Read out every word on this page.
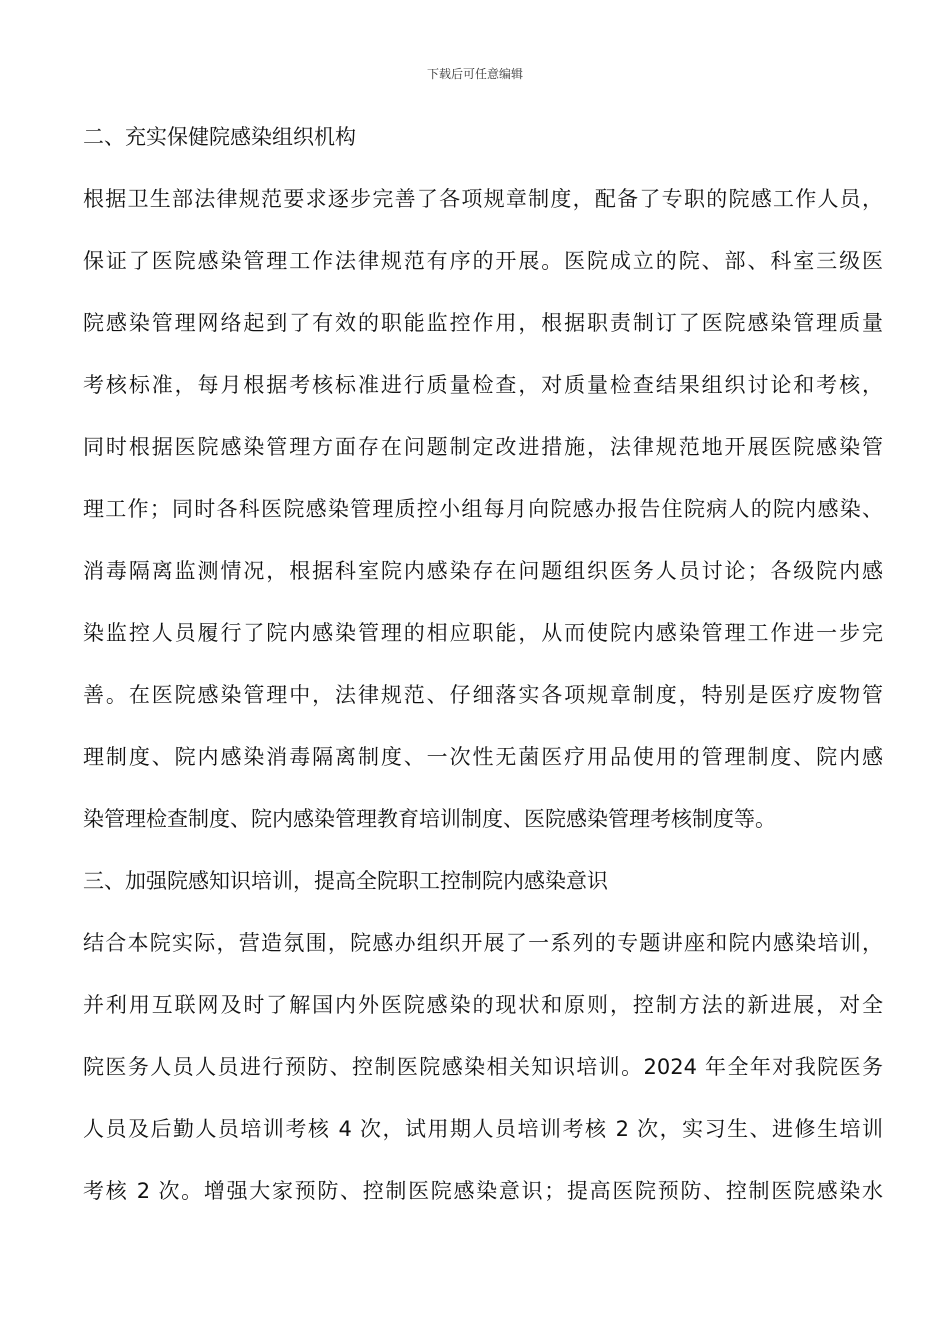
下载后可任意编辑
二、充实保健院感染组织机构
根据卫生部法律规范要求逐步完善了各项规章制度，配备了专职的院感工作人员，
保证了医院感染管理工作法律规范有序的开展。医院成立的院、部、科室三级医
院感染管理网络起到了有效的职能监控作用，根据职责制订了医院感染管理质量
考核标准，每月根据考核标准进行质量检查，对质量检查结果组织讨论和考核，
同时根据医院感染管理方面存在问题制定改进措施，法律规范地开展医院感染管
理工作；同时各科医院感染管理质控小组每月向院感办报告住院病人的院内感染、
消毒隔离监测情况，根据科室院内感染存在问题组织医务人员讨论；各级院内感
染监控人员履行了院内感染管理的相应职能，从而使院内感染管理工作进一步完
善。在医院感染管理中，法律规范、仔细落实各项规章制度，特别是医疗废物管
理制度、院内感染消毒隔离制度、一次性无菌医疗用品使用的管理制度、院内感
染管理检查制度、院内感染管理教育培训制度、医院感染管理考核制度等。
三、加强院感知识培训，提高全院职工控制院内感染意识
结合本院实际，营造氛围，院感办组织开展了一系列的专题讲座和院内感染培训，
并利用互联网及时了解国内外医院感染的现状和原则，控制方法的新进展，对全
院医务人员人员进行预防、控制医院感染相关知识培训。2024 年全年对我院医务
人员及后勤人员培训考核 4 次，试用期人员培训考核 2 次，实习生、进修生培训
考核 2 次。增强大家预防、控制医院感染意识；提高医院预防、控制医院感染水
